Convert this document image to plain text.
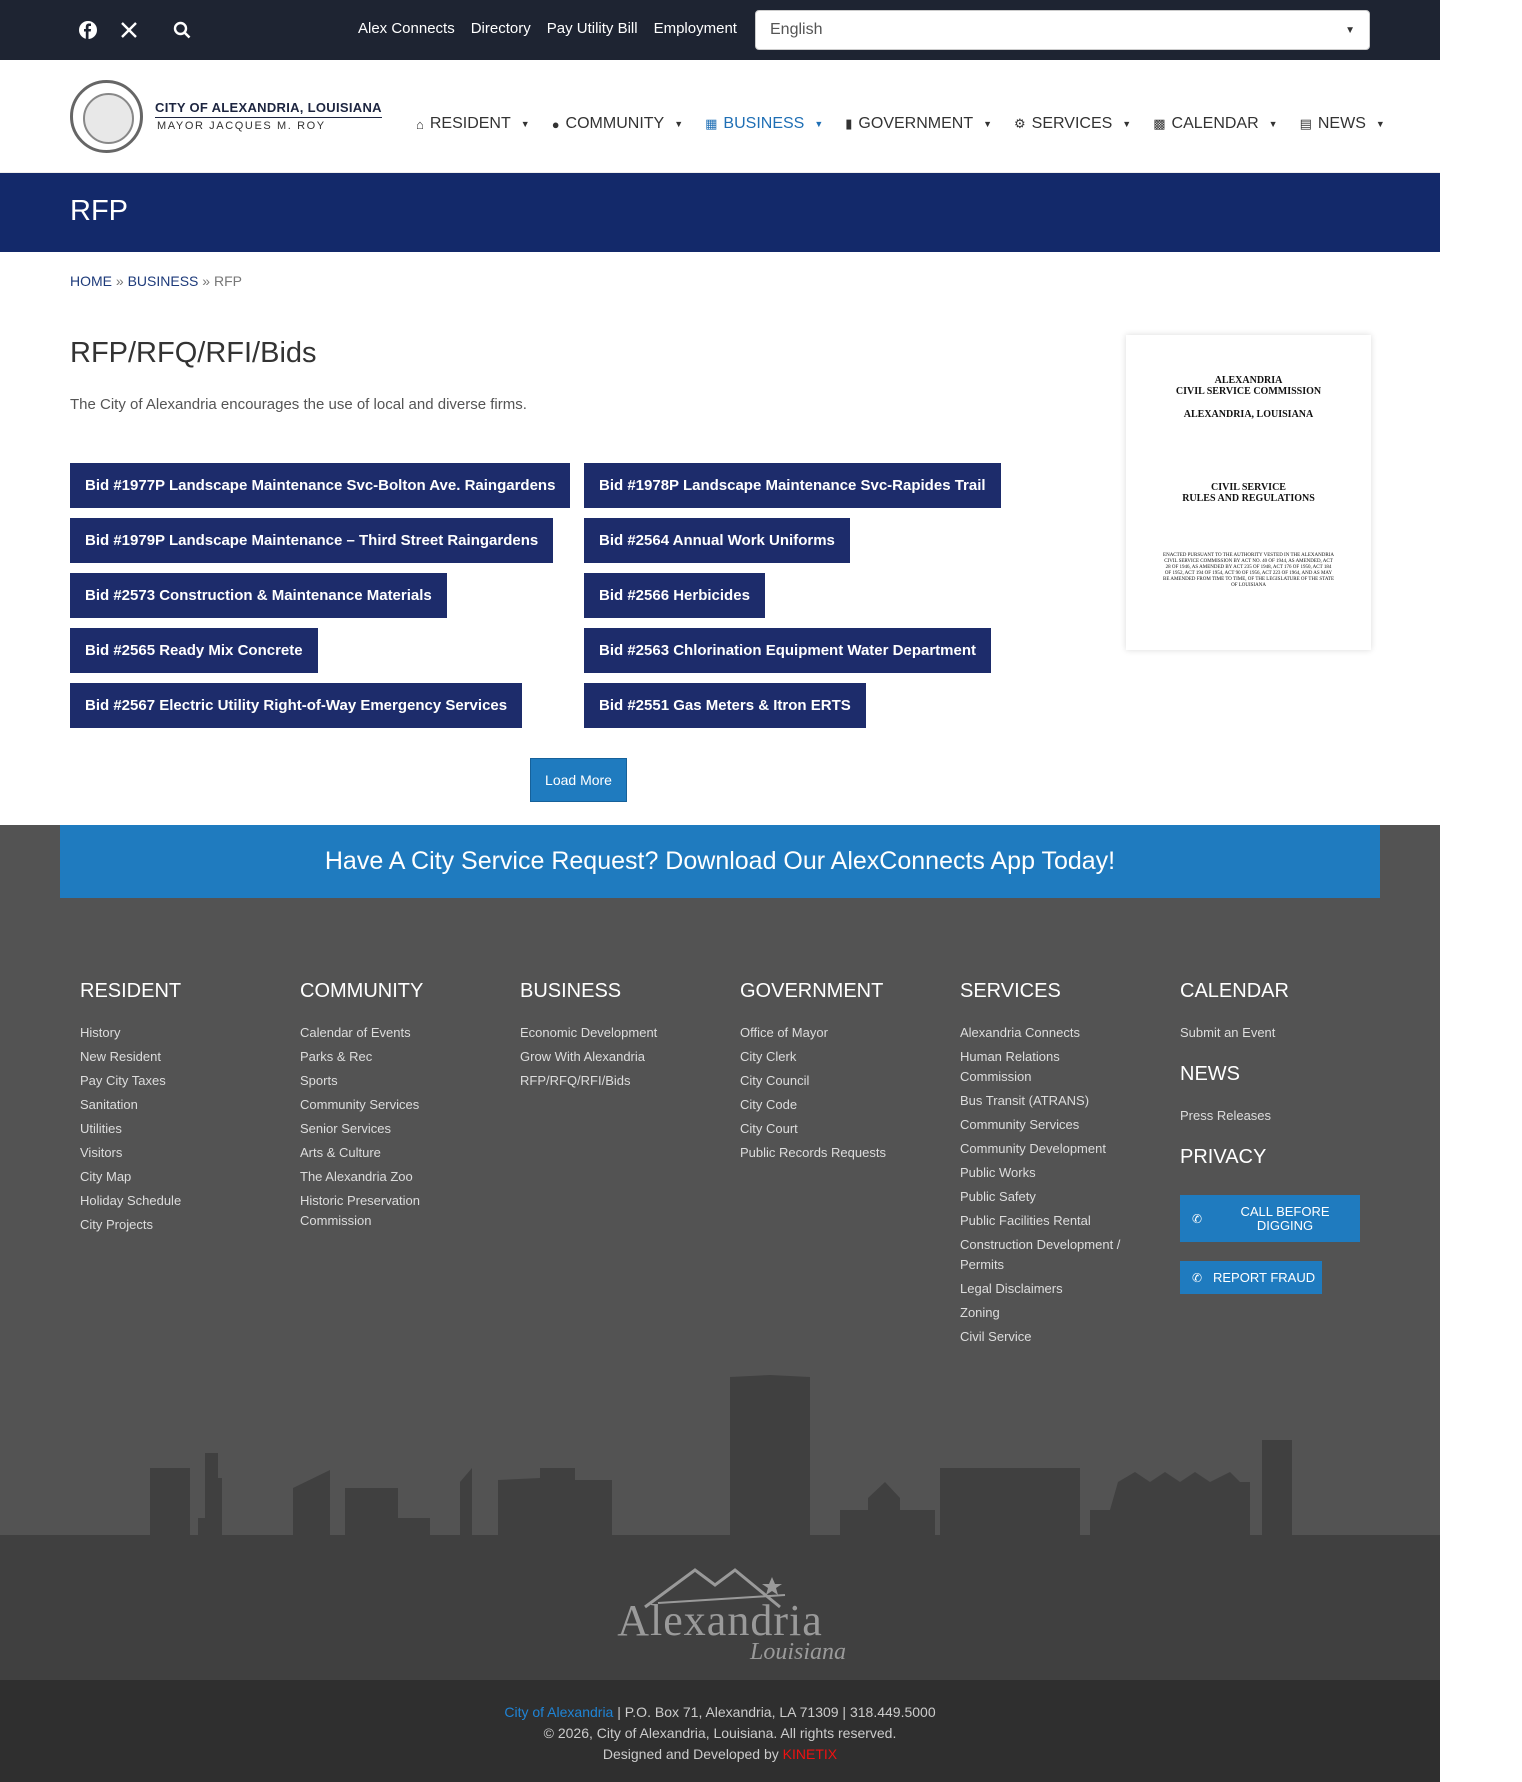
Alex Connects Directory Pay Utility Bill Employment English	▼
CITY OF ALEXANDRIA, LOUISIANA
MAYOR JACQUES M. ROY	⌂ RESIDENT ▼ ● COMMUNITY ▼ ▦ BUSINESS ▼ ▮ GOVERNMENT ▼ ⚙ SERVICES ▼ ▩ CALENDAR ▼ ▤ NEWS ▼
RFP
HOME » BUSINESS » RFP
RFP/RFQ/RFI/Bids

The City of Alexandria encourages the use of local and diverse firms.

Bid #1977P Landscape Maintenance Svc-Bolton Ave. Raingardens	Bid #1978P Landscape Maintenance Svc-Rapides Trail
Bid #1979P Landscape Maintenance – Third Street Raingardens	Bid #2564 Annual Work Uniforms
Bid #2573 Construction & Maintenance Materials	Bid #2566 Herbicides
Bid #2565 Ready Mix Concrete	Bid #2563 Chlorination Equipment Water Department
Bid #2567 Electric Utility Right-of-Way Emergency Services	Bid #2551 Gas Meters & Itron ERTS
Load More
ALEXANDRIA
CIVIL SERVICE COMMISSION
ALEXANDRIA, LOUISIANA
CIVIL SERVICE
RULES AND REGULATIONS
ENACTED PURSUANT TO THE AUTHORITY VESTED IN THE ALEXANDRIA CIVIL SERVICE COMMISSION BY ACT NO. 40 OF 1944, AS AMENDED, ACT 28 OF 1946, AS AMENDED BY ACT 235 OF 1948, ACT 176 OF 1950, ACT 184 OF 1952, ACT 194 OF 1954, ACT 90 OF 1956, ACT 223 OF 1964, AND AS MAY BE AMENDED FROM TIME TO TIME, OF THE LEGISLATURE OF THE STATE OF LOUISIANA
Have A City Service Request? Download Our AlexConnects App Today!
RESIDENT
History
New Resident
Pay City Taxes
Sanitation
Utilities
Visitors
City Map
Holiday Schedule
City Projects
COMMUNITY
Calendar of Events
Parks & Rec
Sports
Community Services
Senior Services
Arts & Culture
The Alexandria Zoo
Historic Preservation Commission
BUSINESS
Economic Development
Grow With Alexandria
RFP/RFQ/RFI/Bids
GOVERNMENT
Office of Mayor
City Clerk
City Council
City Code
City Court
Public Records Requests
SERVICES
Alexandria Connects
Human Relations Commission
Bus Transit (ATRANS)
Community Services
Community Development
Public Works
Public Safety
Public Facilities Rental
Construction Development / Permits
Legal Disclaimers
Zoning
Civil Service
CALENDAR
Submit an Event
NEWS
Press Releases
PRIVACY
✆	CALL BEFORE DIGGING
✆ REPORT FRAUD
Alexandria
Louisiana
City of Alexandria | P.O. Box 71, Alexandria, LA 71309 | 318.449.5000
© 2026, City of Alexandria, Louisiana. All rights reserved.
Designed and Developed by KINETIX
